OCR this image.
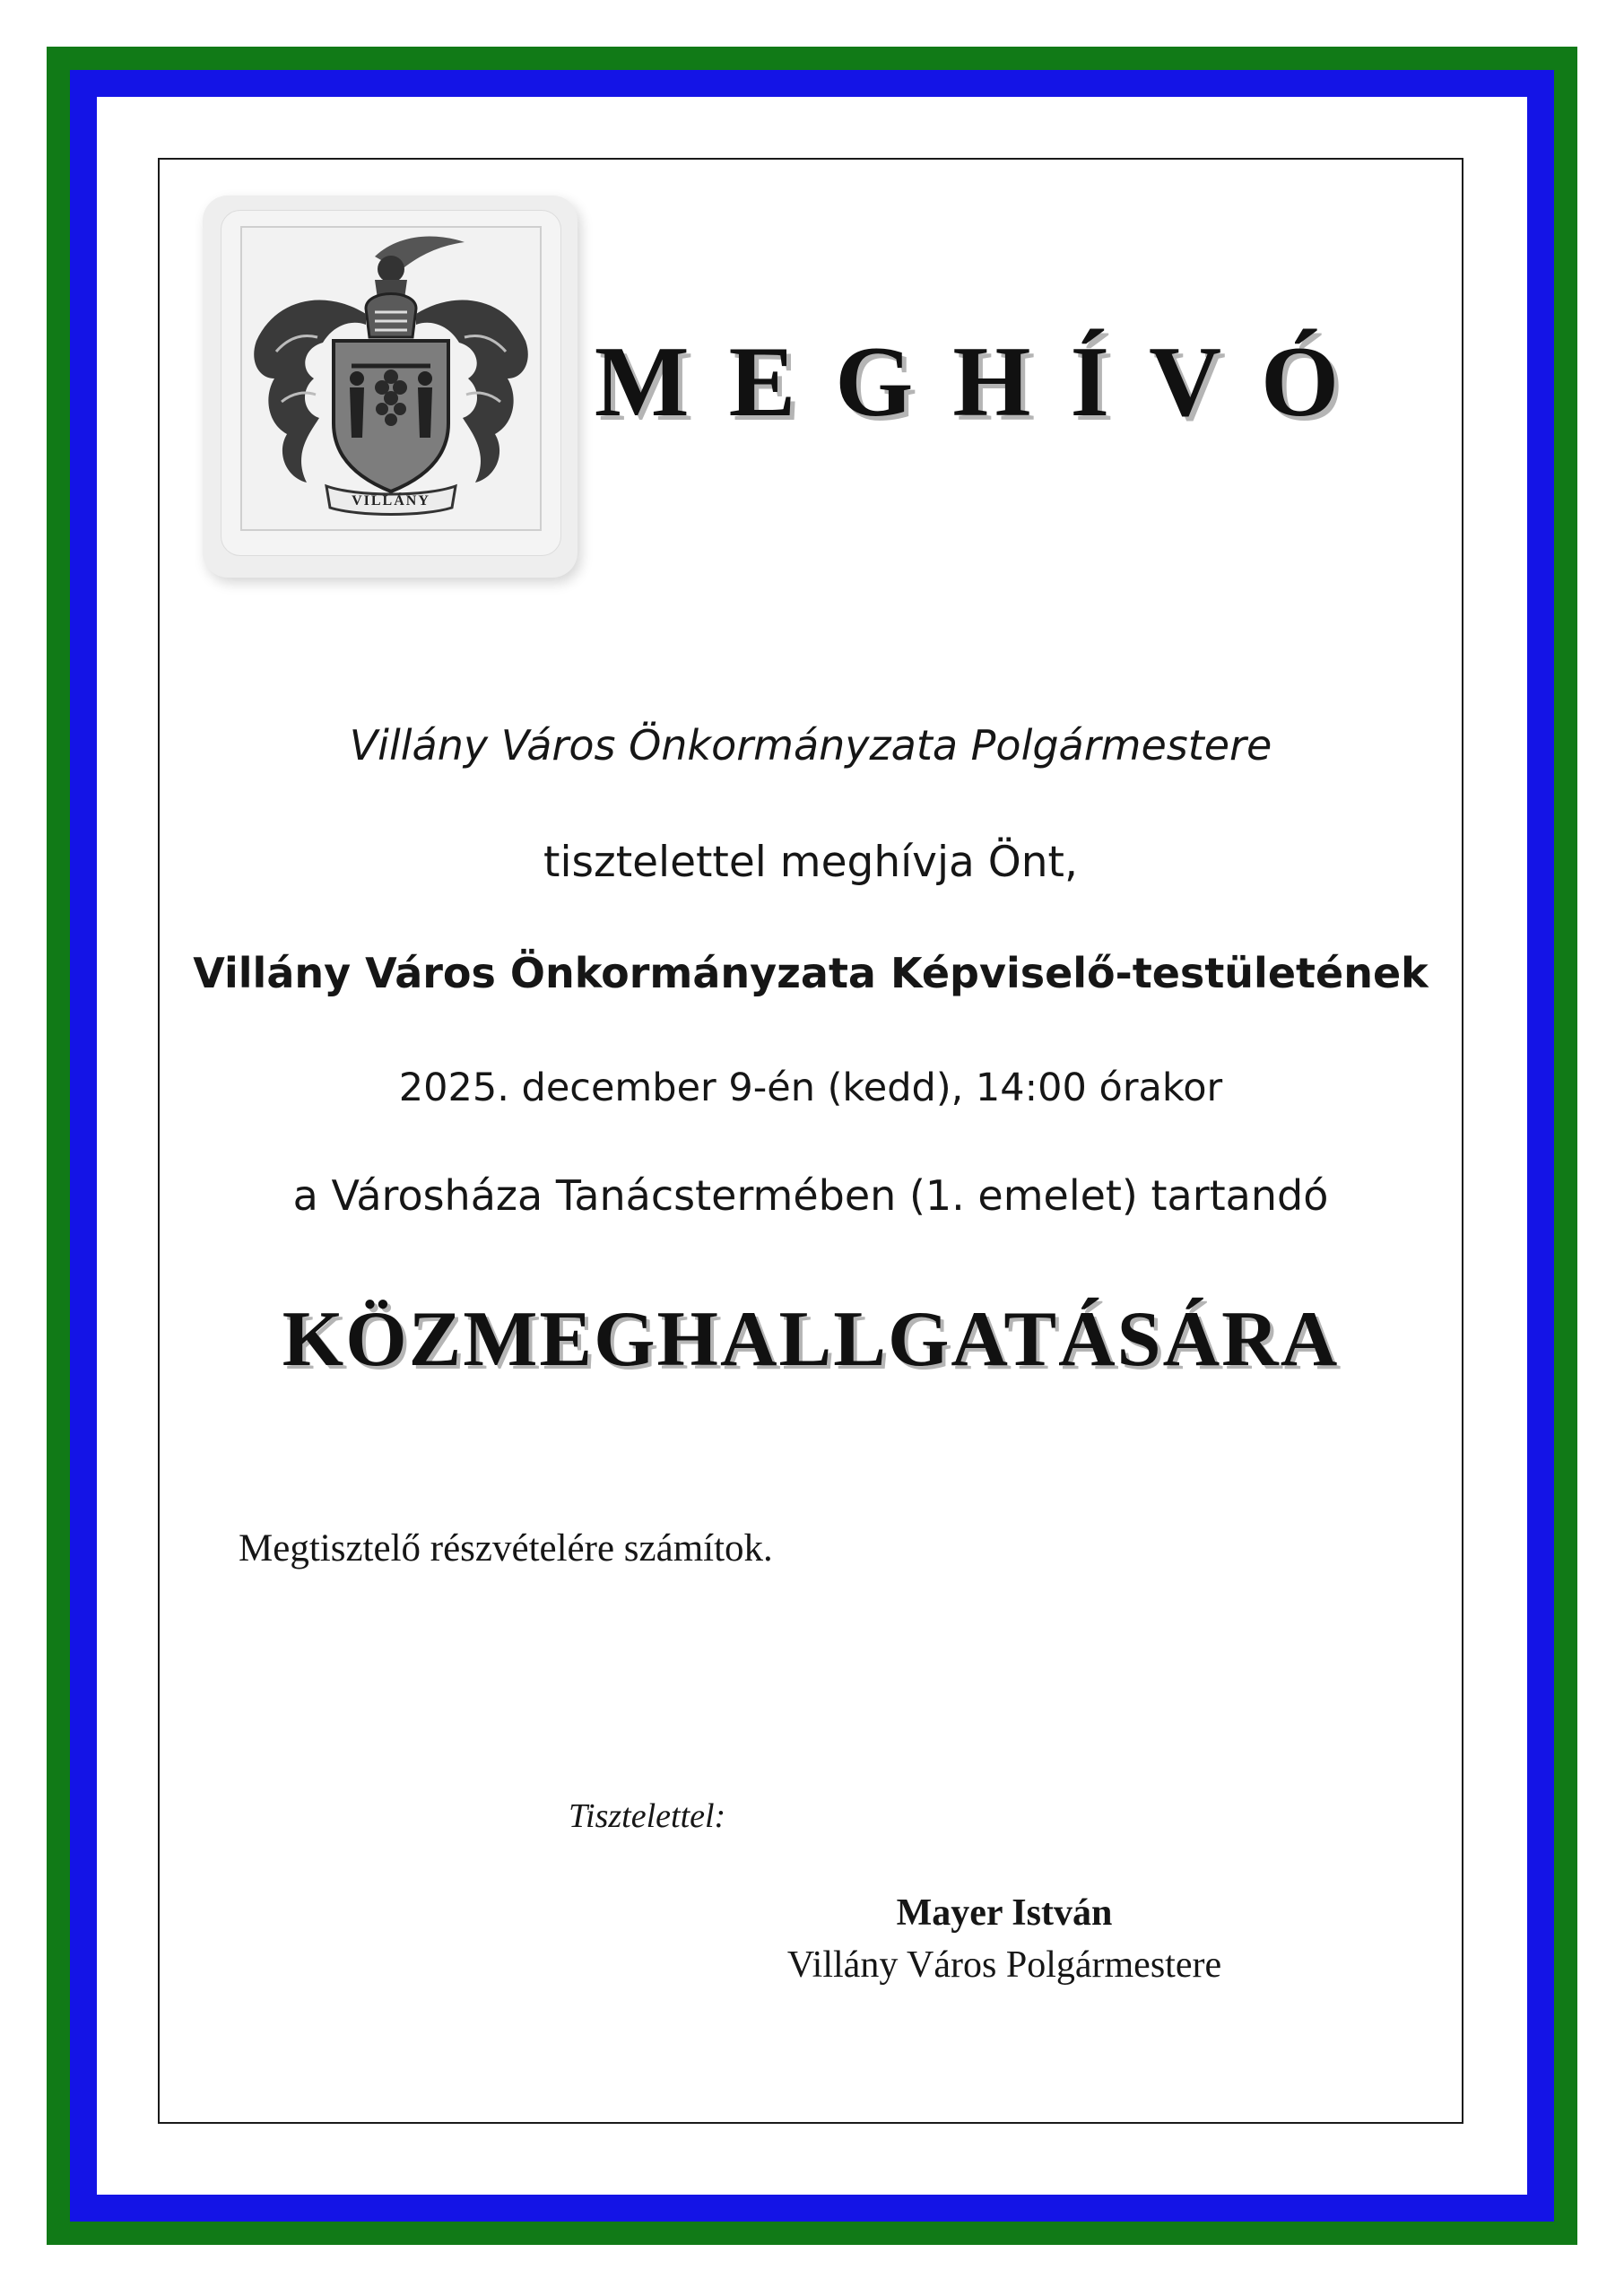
VILLÁNY
MEGHÍVÓ
Villány Város Önkormányzata Polgármestere
tisztelettel meghívja Önt,
Villány Város Önkormányzata Képviselő-testületének
2025. december 9-én (kedd), 14:00 órakor
a Városháza Tanácstermében (1. emelet) tartandó
KÖZMEGHALLGATÁSÁRA
Megtisztelő részvételére számítok.
Tisztelettel:
Mayer István
Villány Város Polgármestere
